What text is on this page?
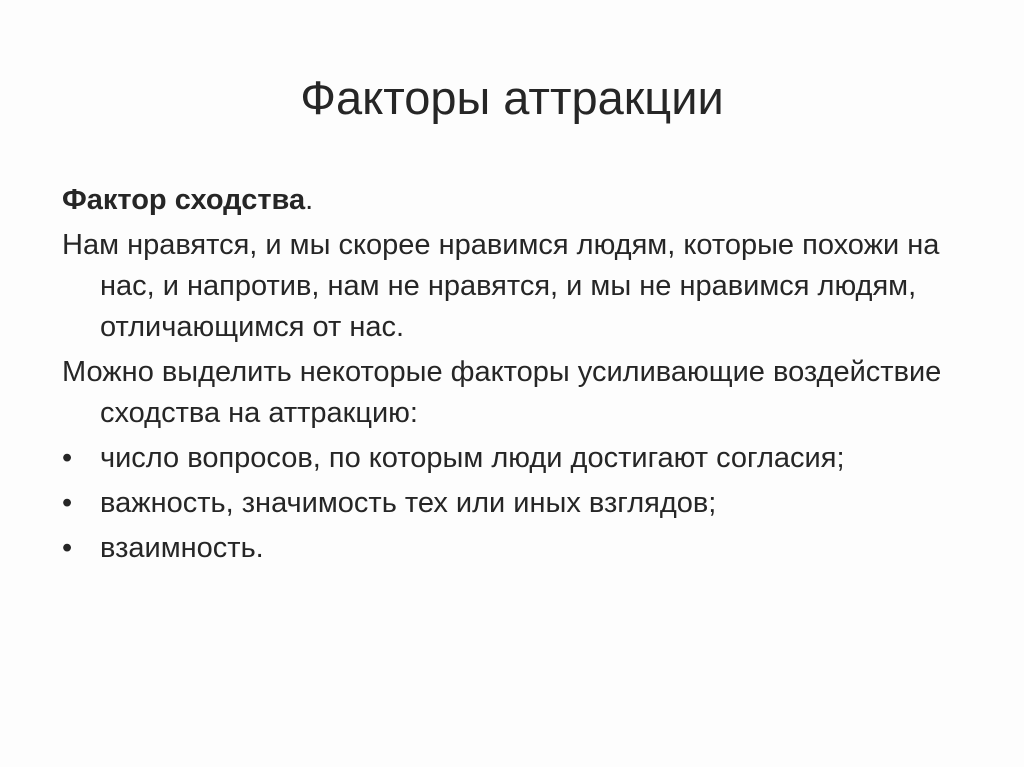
Факторы аттракции
Фактор сходства.
Нам нравятся, и мы скорее нравимся людям, которые похожи на нас, и напротив, нам не нравятся, и мы не нравимся людям, отличающимся от нас.
Можно выделить некоторые факторы усиливающие воздействие сходства на аттракцию:
• число вопросов, по которым люди достигают согласия;
• важность, значимость тех или иных взглядов;
• взаимность.
